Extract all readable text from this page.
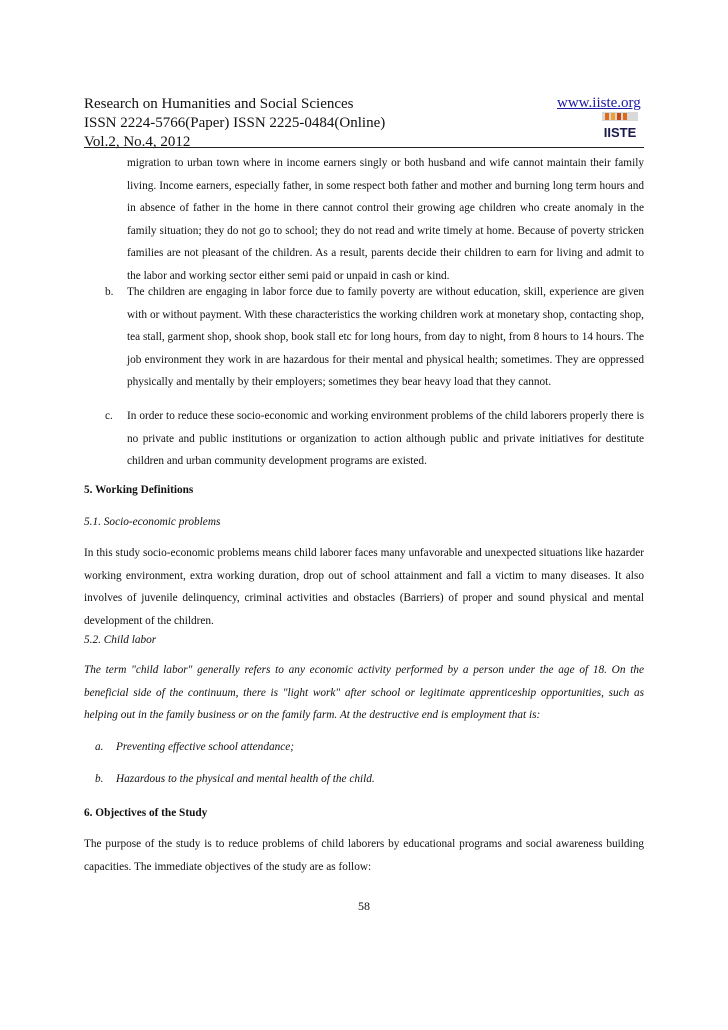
Research on Humanities and Social Sciences
ISSN 2224-5766(Paper) ISSN 2225-0484(Online)
Vol.2, No.4, 2012
www.iiste.org
IISTE
migration to urban town where in income earners singly or both husband and wife cannot maintain their family living. Income earners, especially father, in some respect both father and mother and burning long term hours and in absence of father in the home in there cannot control their growing age children who create anomaly in the family situation; they do not go to school; they do not read and write timely at home. Because of poverty stricken families are not pleasant of the children. As a result, parents decide their children to earn for living and admit to the labor and working sector either semi paid or unpaid in cash or kind.
b. The children are engaging in labor force due to family poverty are without education, skill, experience are given with or without payment. With these characteristics the working children work at monetary shop, contacting shop, tea stall, garment shop, shook shop, book stall etc for long hours, from day to night, from 8 hours to 14 hours. The job environment they work in are hazardous for their mental and physical health; sometimes. They are oppressed physically and mentally by their employers; sometimes they bear heavy load that they cannot.
c. In order to reduce these socio-economic and working environment problems of the child laborers properly there is no private and public institutions or organization to action although public and private initiatives for destitute children and urban community development programs are existed.
5. Working Definitions
5.1. Socio-economic problems
In this study socio-economic problems means child laborer faces many unfavorable and unexpected situations like hazarder working environment, extra working duration, drop out of school attainment and fall a victim to many diseases. It also involves of juvenile delinquency, criminal activities and obstacles (Barriers) of proper and sound physical and mental development of the children.
5.2. Child labor
The term "child labor" generally refers to any economic activity performed by a person under the age of 18. On the beneficial side of the continuum, there is "light work" after school or legitimate apprenticeship opportunities, such as helping out in the family business or on the family farm. At the destructive end is employment that is:
a. Preventing effective school attendance;
b. Hazardous to the physical and mental health of the child.
6. Objectives of the Study
The purpose of the study is to reduce problems of child laborers by educational programs and social awareness building capacities. The immediate objectives of the study are as follow:
58
